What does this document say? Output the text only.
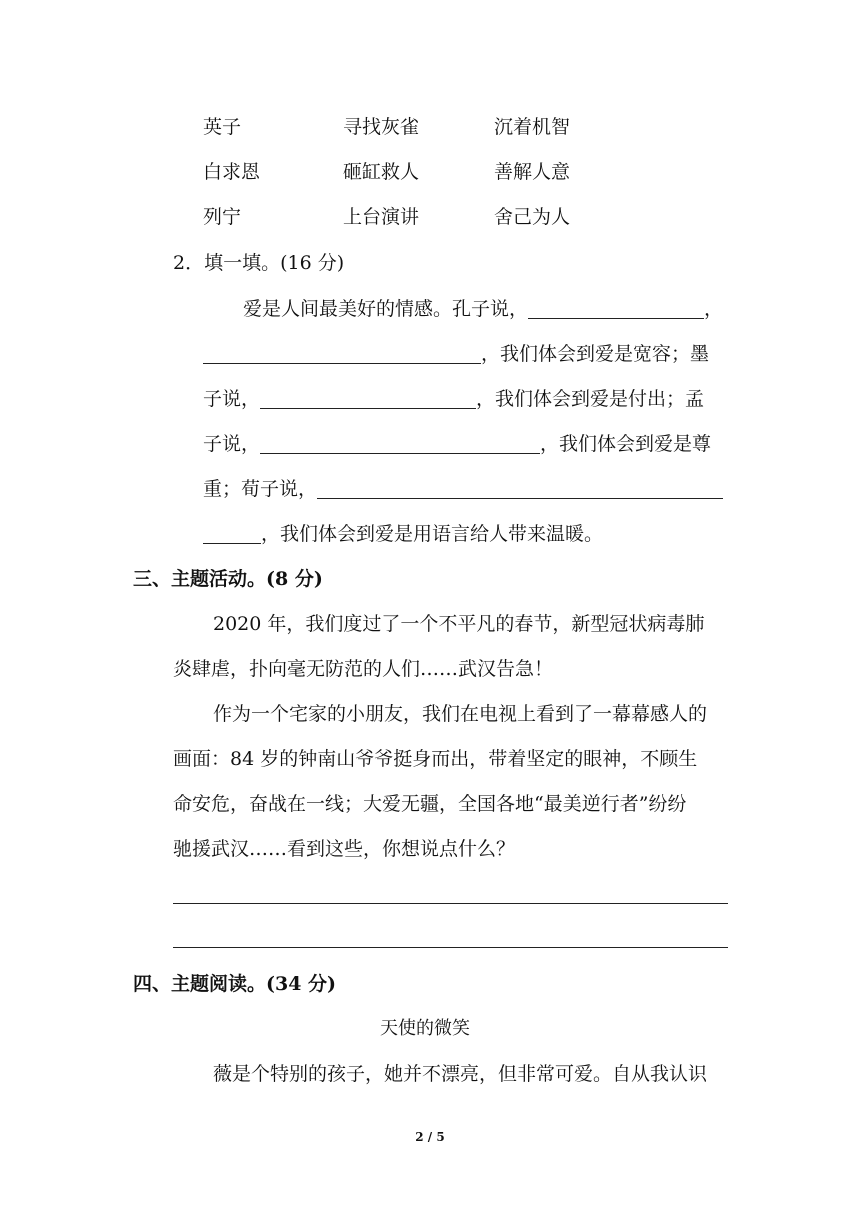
英子	寻找灰雀	沉着机智
白求恩	砸缸救人	善解人意
列宁	上台演讲	舍己为人
2．填一填。(16 分)
爱是人间最美好的情感。孔子说，	，
，我们体会到爱是宽容；墨
子说，	，我们体会到爱是付出；孟
子说，	，我们体会到爱是尊
重；荀子说，
，我们体会到爱是用语言给人带来温暖。
三、主题活动。(8 分)
2020 年，我们度过了一个不平凡的春节，新型冠状病毒肺
炎肆虐，扑向毫无防范的人们……武汉告急！
作为一个宅家的小朋友，我们在电视上看到了一幕幕感人的
画面：84 岁的钟南山爷爷挺身而出，带着坚定的眼神，不顾生
命安危，奋战在一线；大爱无疆，全国各地“最美逆行者”纷纷
驰援武汉……看到这些，你想说点什么？
四、主题阅读。(34 分)
天使的微笑
薇是个特别的孩子，她并不漂亮，但非常可爱。自从我认识
2 / 5
